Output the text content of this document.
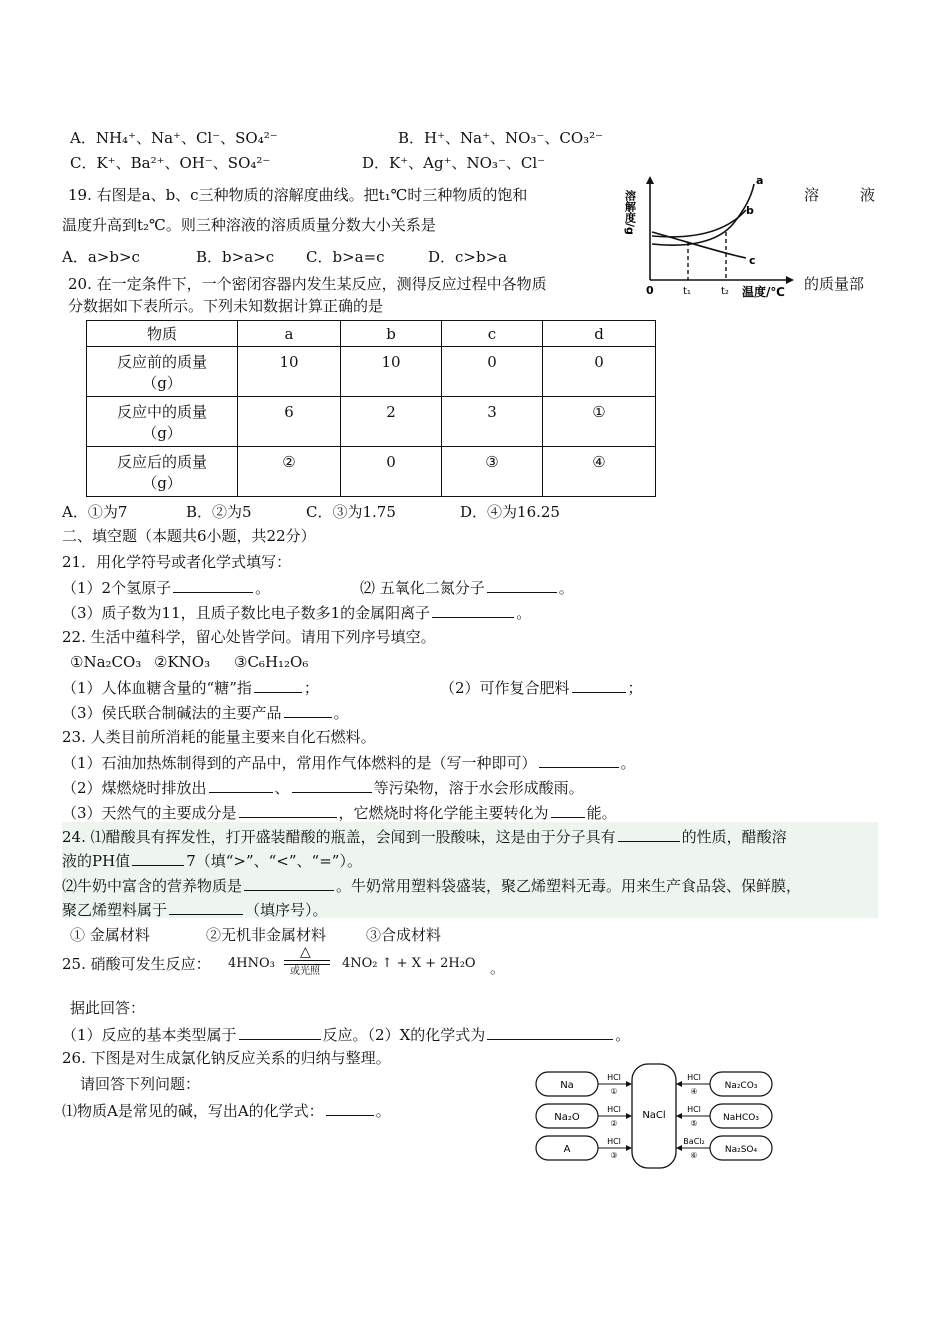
A．NH₄⁺、Na⁺、Cl⁻、SO₄²⁻	B．H⁺、Na⁺、NO₃⁻、CO₃²⁻
C．K⁺、Ba²⁺、OH⁻、SO₄²⁻	D．K⁺、Ag⁺、NO₃⁻、Cl⁻
19. 右图是a、b、c三种物质的溶解度曲线。把t₁℃时三种物质的饱和	溶	液
温度升高到t₂℃。则三种溶液的溶质质量分数大小关系是
A．a>b>c	B．b>a>c C．b>a=c	D．c>b>a
a
b
c
0	t₁	t₂ 温度/℃
溶解度/g
20. 在一定条件下，一个密闭容器内发生某反应，测得反应过程中各物质	的质量部
分数据如下表所示。下列未知数据计算正确的是
物质	a	b	c	d

反应前的质量
（g）	10	10	0	0

反应中的质量
（g）	6	2	3	①

反应后的质量
（g）	②	0	③	④
A．①为7	B．②为5	C．③为1.75	D．④为16.25
二、填空题（本题共6小题，共22分）
21．用化学符号或者化学式填写：
（1）2个氢原子	。	⑵ 五氧化二氮分子	。
（3）质子数为11，且质子数比电子数多1的金属阳离子	。
22. 生活中蕴科学，留心处皆学问。请用下列序号填空。
①Na₂CO₃ ②KNO₃ ③C₆H₁₂O₆
（1）人体血糖含量的“糖”指	；	（2）可作复合肥料	；
（3）侯氏联合制碱法的主要产品	。
23. 人类目前所消耗的能量主要来自化石燃料。
（1）石油加热炼制得到的产品中，常用作气体燃料的是（写一种即可）	。
（2）煤燃烧时排放出	、	等污染物，溶于水会形成酸雨。
（3）天然气的主要成分是	，它燃烧时将化学能主要转化为	能。
24. ⑴醋酸具有挥发性，打开盛装醋酸的瓶盖，会闻到一股酸味，这是由于分子具有	的性质，醋酸溶
液的PH值	7（填“>”、“<”、“=”）。
⑵牛奶中富含的营养物质是	。牛奶常用塑料袋盛装，聚乙烯塑料无毒。用来生产食品袋、保鲜膜，
聚乙烯塑料属于	（填序号）。
① 金属材料	②无机非金属材料	③合成材料
25. 硝酸可发生反应： 4HNO₃
△
或光照
4NO₂ ↑ + X + 2H₂O 。
据此回答：
（1）反应的基本类型属于	反应。（2）X的化学式为	。
26. 下图是对生成氯化钠反应关系的归纳与整理。
请回答下列问题：
⑴物质A是常见的碱，写出A的化学式：	。	NaCl
Na
Na₂O
A
HCl
①
HCl
②
HCl
③
Na₂CO₃
NaHCO₃
Na₂SO₄
HCl
④
HCl
⑤
BaCl₂
⑥
